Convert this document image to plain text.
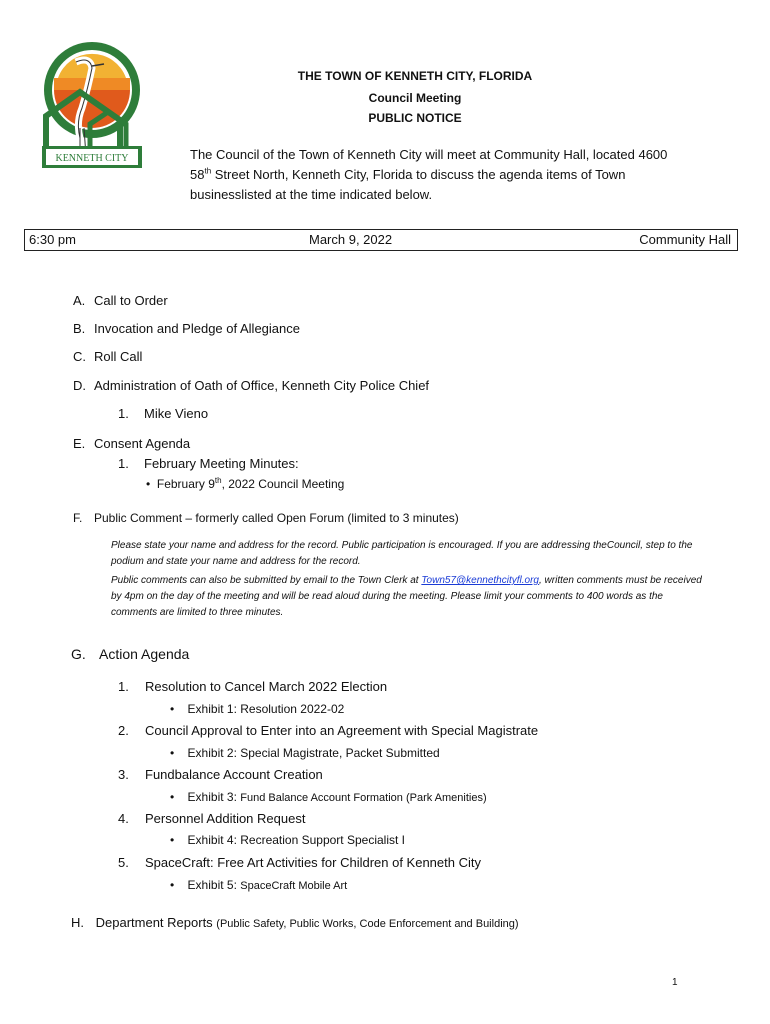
KENNETH CITY
THE TOWN OF KENNETH CITY, FLORIDA
Council Meeting
PUBLIC NOTICE
The Council of the Town of Kenneth City will meet at Community Hall, located 4600 58th Street North, Kenneth City, Florida to discuss the agenda items of Town businesslisted at the time indicated below.
6:30 pm	March 9, 2022	Community Hall
A. Call to Order
B. Invocation and Pledge of Allegiance
C. Roll Call
D. Administration of Oath of Office, Kenneth City Police Chief
1. Mike Vieno
E. Consent Agenda
1. February Meeting Minutes:
• February 9th, 2022 Council Meeting
F. Public Comment – formerly called Open Forum (limited to 3 minutes)
Please state your name and address for the record. Public participation is encouraged. If you are addressing theCouncil, step to the podium and state your name and address for the record.
Public comments can also be submitted by email to the Town Clerk at Town57@kennethcityfl.org, written comments must be received by 4pm on the day of the meeting and will be read aloud during the meeting. Please limit your comments to 400 words as the comments are limited to three minutes.
G. Action Agenda
1. Resolution to Cancel March 2022 Election
• Exhibit 1: Resolution 2022-02
2. Council Approval to Enter into an Agreement with Special Magistrate
• Exhibit 2: Special Magistrate, Packet Submitted
3. Fundbalance Account Creation
• Exhibit 3: Fund Balance Account Formation (Park Amenities)
4. Personnel Addition Request
• Exhibit 4: Recreation Support Specialist I
5. SpaceCraft: Free Art Activities for Children of Kenneth City
• Exhibit 5: SpaceCraft Mobile Art
H. Department Reports (Public Safety, Public Works, Code Enforcement and Building)
1
